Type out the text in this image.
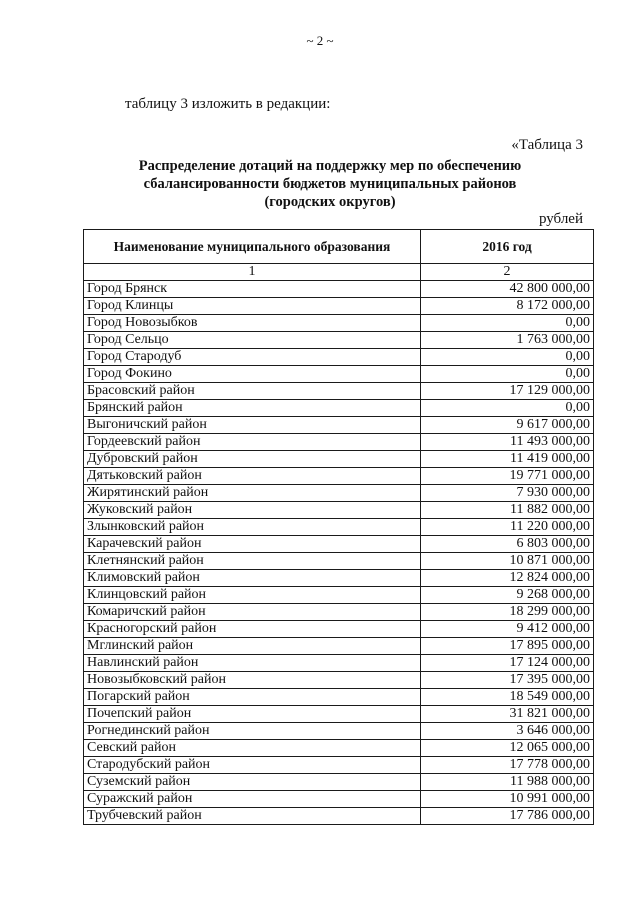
~ 2 ~
таблицу 3 изложить в редакции:
«Таблица 3
Распределение дотаций на поддержку мер по обеспечению
сбалансированности бюджетов муниципальных районов
(городских округов)
рублей
Наименование муниципального образования	2016 год
1	2
Город Брянск	42 800 000,00
Город Клинцы	8 172 000,00
Город Новозыбков	0,00
Город Сельцо	1 763 000,00
Город Стародуб	0,00
Город Фокино	0,00
Брасовский район	17 129 000,00
Брянский район	0,00
Выгоничский район	9 617 000,00
Гордеевский район	11 493 000,00
Дубровский район	11 419 000,00
Дятьковский район	19 771 000,00
Жирятинский район	7 930 000,00
Жуковский район	11 882 000,00
Злынковский район	11 220 000,00
Карачевский район	6 803 000,00
Клетнянский район	10 871 000,00
Климовский район	12 824 000,00
Клинцовский район	9 268 000,00
Комаричский район	18 299 000,00
Красногорский район	9 412 000,00
Мглинский район	17 895 000,00
Навлинский район	17 124 000,00
Новозыбковский район	17 395 000,00
Погарский район	18 549 000,00
Почепский район	31 821 000,00
Рогнединский район	3 646 000,00
Севский район	12 065 000,00
Стародубский район	17 778 000,00
Суземский район	11 988 000,00
Суражский район	10 991 000,00
Трубчевский район	17 786 000,00
